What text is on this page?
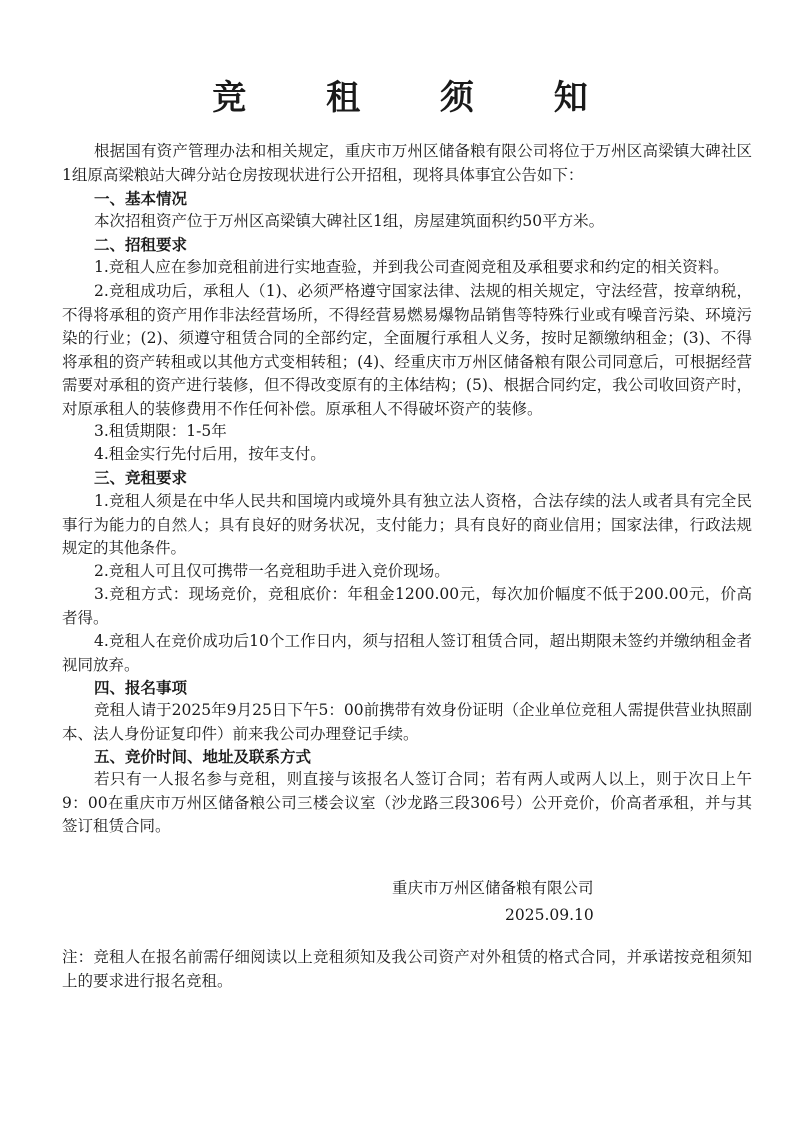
竞 租 须 知
根据国有资产管理办法和相关规定，重庆市万州区储备粮有限公司将位于万州区高梁镇大碑社区1组原高梁粮站大碑分站仓房按现状进行公开招租，现将具体事宜公告如下：
一、基本情况
本次招租资产位于万州区高梁镇大碑社区1组，房屋建筑面积约50平方米。
二、招租要求
1.竞租人应在参加竞租前进行实地查验，并到我公司查阅竞租及承租要求和约定的相关资料。
2.竞租成功后，承租人（1)、必须严格遵守国家法律、法规的相关规定，守法经营，按章纳税，不得将承租的资产用作非法经营场所，不得经营易燃易爆物品销售等特殊行业或有噪音污染、环境污染的行业；(2)、须遵守租赁合同的全部约定，全面履行承租人义务，按时足额缴纳租金；(3)、不得将承租的资产转租或以其他方式变相转租；(4)、经重庆市万州区储备粮有限公司同意后，可根据经营需要对承租的资产进行装修，但不得改变原有的主体结构；(5)、根据合同约定，我公司收回资产时，对原承租人的装修费用不作任何补偿。原承租人不得破坏资产的装修。
3.租赁期限：1-5年
4.租金实行先付后用，按年支付。
三、竞租要求
1.竞租人须是在中华人民共和国境内或境外具有独立法人资格，合法存续的法人或者具有完全民事行为能力的自然人；具有良好的财务状况，支付能力；具有良好的商业信用；国家法律，行政法规规定的其他条件。
2.竞租人可且仅可携带一名竞租助手进入竞价现场。
3.竞租方式：现场竞价，竞租底价：年租金1200.00元，每次加价幅度不低于200.00元，价高者得。
4.竞租人在竞价成功后10个工作日内，须与招租人签订租赁合同，超出期限未签约并缴纳租金者视同放弃。
四、报名事项
竞租人请于2025年9月25日下午5：00前携带有效身份证明（企业单位竞租人需提供营业执照副本、法人身份证复印件）前来我公司办理登记手续。
五、竞价时间、地址及联系方式
若只有一人报名参与竞租，则直接与该报名人签订合同；若有两人或两人以上，则于次日上午9：00在重庆市万州区储备粮公司三楼会议室（沙龙路三段306号）公开竞价，价高者承租，并与其签订租赁合同。
重庆市万州区储备粮有限公司
2025.09.10
注：竞租人在报名前需仔细阅读以上竞租须知及我公司资产对外租赁的格式合同，并承诺按竞租须知上的要求进行报名竞租。
